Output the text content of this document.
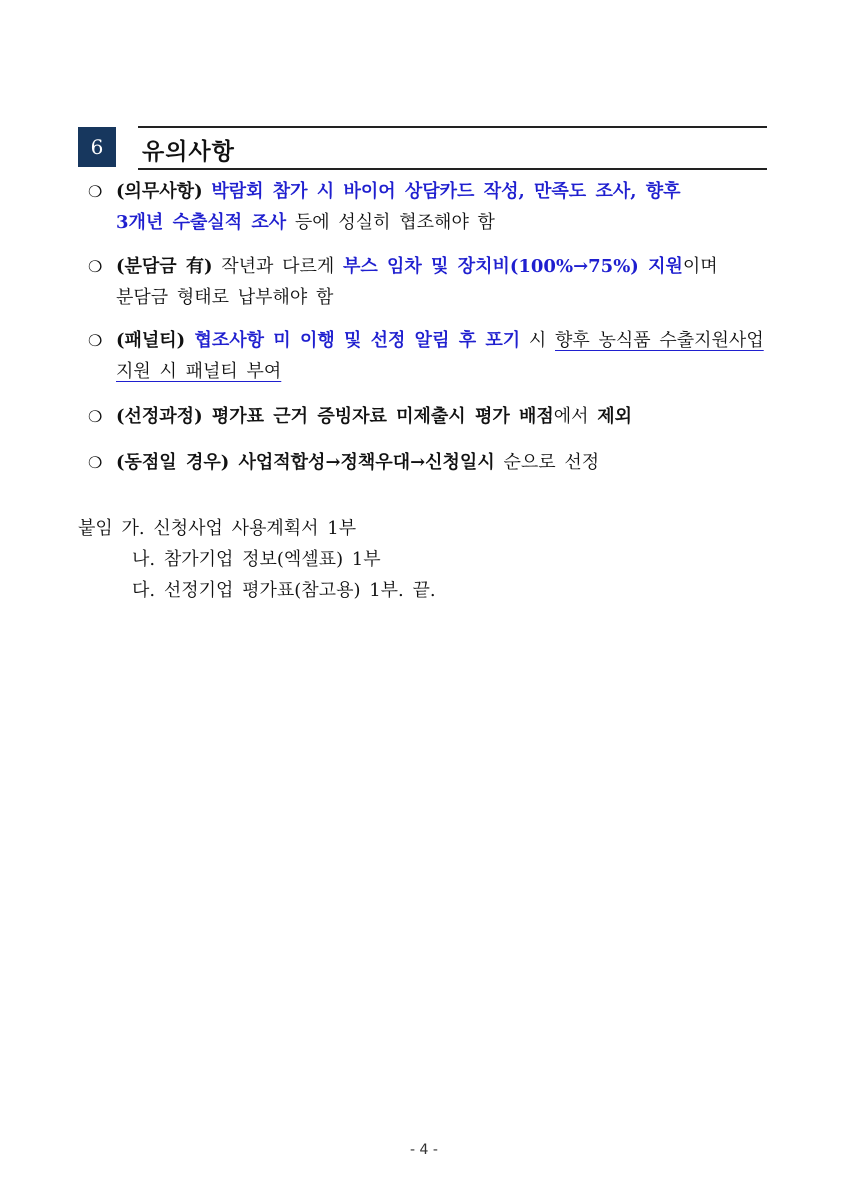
6	유의사항
❍ (의무사항) 박람회 참가 시 바이어 상담카드 작성, 만족도 조사, 향후
3개년 수출실적 조사 등에 성실히 협조해야 함
❍ (분담금 有) 작년과 다르게 부스 임차 및 장치비(100%→75%) 지원이며
분담금 형태로 납부해야 함
❍ (패널티) 협조사항 미 이행 및 선정 알림 후 포기 시 향후 농식품 수출지원사업
지원 시 패널티 부여
❍ (선정과정) 평가표 근거 증빙자료 미제출시 평가 배점에서 제외
❍ (동점일 경우) 사업적합성→정책우대→신청일시 순으로 선정
붙임 가. 신청사업 사용계획서 1부
나. 참가기업 정보(엑셀표) 1부
다. 선정기업 평가표(참고용) 1부. 끝.
- 4 -
